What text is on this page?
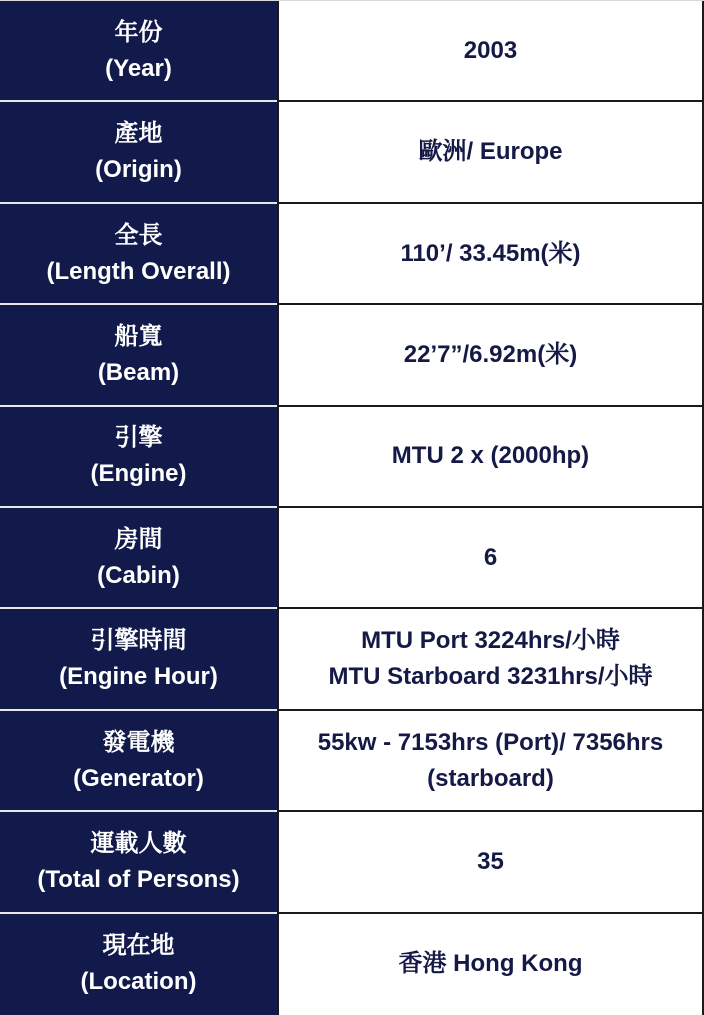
年份
(Year)
2003
產地
(Origin)
歐洲/ Europe
全長
(Length Overall)
110’/ 33.45m(米)
船寬
(Beam)
22’7”/6.92m(米)
引擎
(Engine)
MTU 2 x (2000hp)
房間
(Cabin)
6
引擎時間
(Engine Hour)
MTU Port 3224hrs/小時
MTU Starboard 3231hrs/小時
發電機
(Generator)
55kw - 7153hrs (Port)/ 7356hrs
(starboard)
運載人數
(Total of Persons)
35
現在地
(Location)
香港 Hong Kong
